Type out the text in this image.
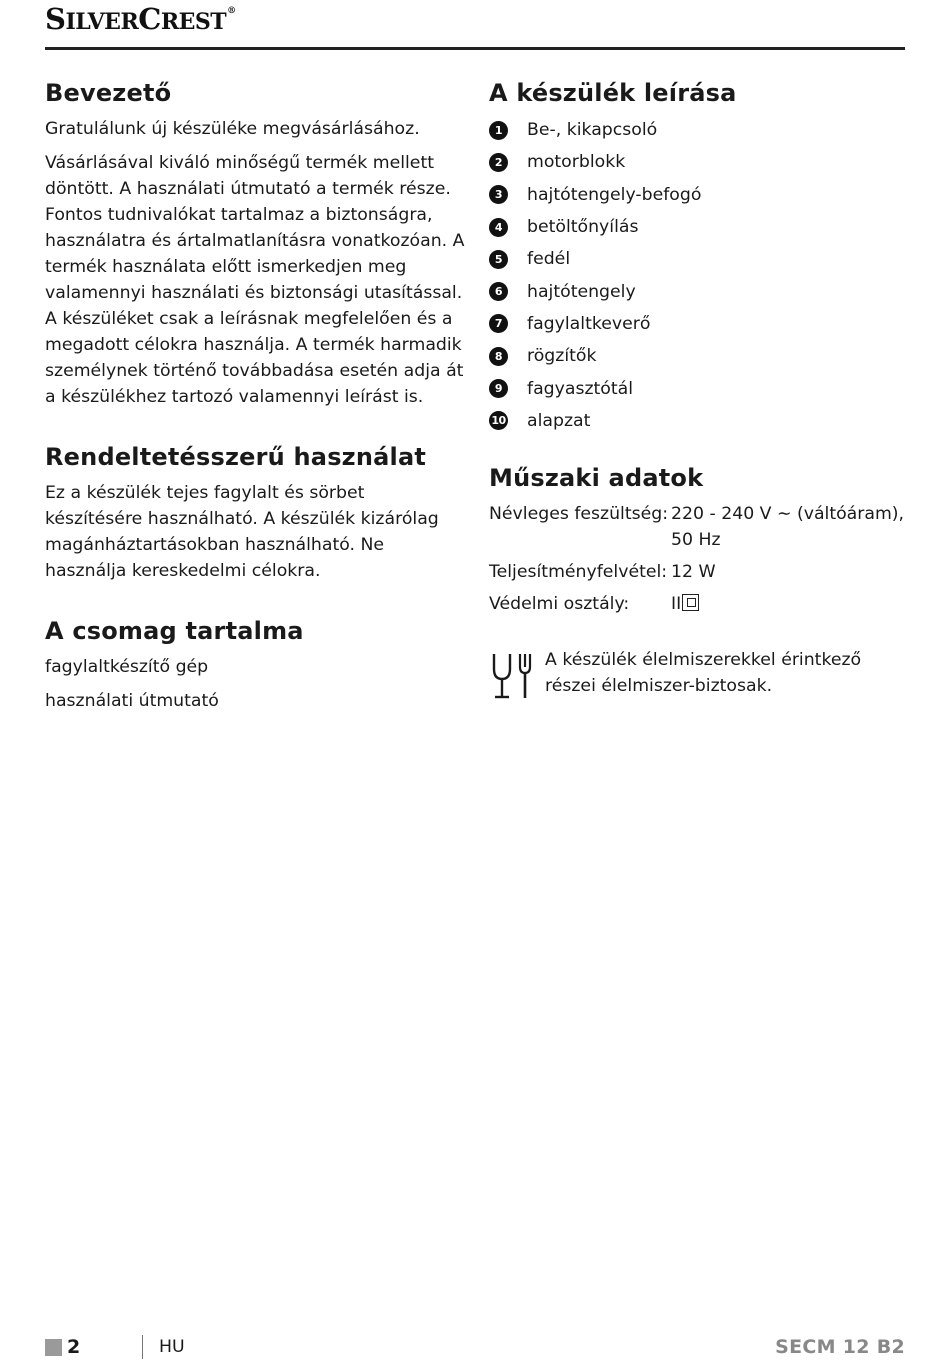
SILVERCREST®
Bevezető

Gratulálunk új készüléke megvásárlásához.

Vásárlásával kiváló minőségű termék mellett döntött. A használati útmutató a termék része. Fontos tudnivalókat tartalmaz a biztonságra, használatra és ártalmatlanításra vonatkozóan. A termék használata előtt ismerkedjen meg valamennyi használati és biztonsági utasítással. A készüléket csak a leírásnak megfelelően és a megadott célokra használja. A termék harmadik személynek történő továbbadása esetén adja át a készülékhez tartozó valamennyi leírást is.

Rendeltetésszerű használat

Ez a készülék tejes fagylalt és sörbet készítésére használható. A készülék kizárólag magánháztartásokban használható. Ne használja kereskedelmi célokra.

A csomag tartalma

fagylaltkészítő gép

használati útmutató

A készülék leírása
1	Be-, kikapcsoló
2	motorblokk
3	hajtótengely-befogó
4	betöltőnyílás
5	fedél
6	hajtótengely
7	fagylaltkeverő
8	rögzítők
9	fagyasztótál
10 alapzat
Műszaki adatok
Névleges feszültség: 220 - 240 V ∼ (váltóáram),
50 Hz
Teljesítményfelvétel: 12 W
Védelmi osztály:	II

A készülék élelmiszerekkel érintkező részei élelmiszer-biztosak.

2	HU	SECM 12 B2
